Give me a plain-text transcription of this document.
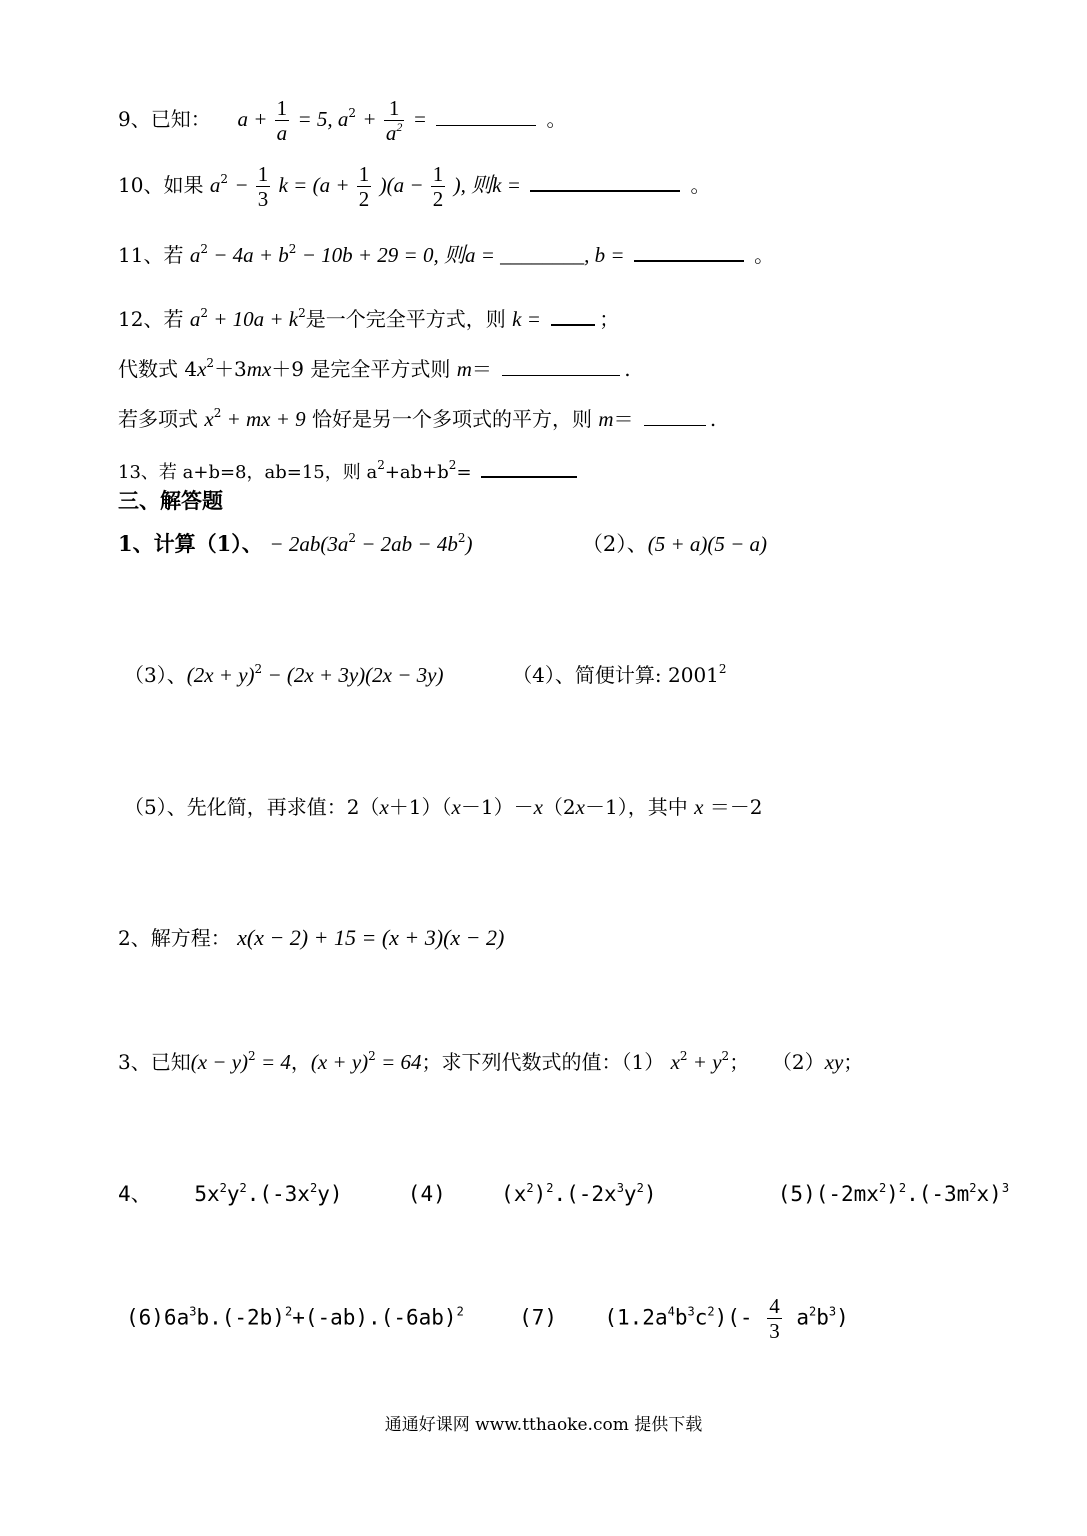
9、已知： $a + \frac{1}{a} = 5$, $a^2 + \frac{1}{a^2}$ =	。
10、如果 $a^2 - \frac{1}{3}$ $k = (a + \frac{1}{2} )(a - \frac{1}{2}$ ), 则k =	。
11、若 $a^2 - 4a + b^2 - 10b + 29 = 0$, 则a = ________, b =	。
12、若 $a^2 + 10a + k^2$是一个完全平方式，则 k =	；
代数式 $4x^2+3mx+9$ 是完全平方式则 m＝	.
若多项式 $x^2$ + mx + 9 恰好是另一个多项式的平方，则 m＝	.
13、若 a+b=8，ab=15，则 $a^2+ab+b^2=$
三、解答题
1、计算（1）、 − $2ab(3a^2 - 2ab - 4b^2)$	（2）、(5 + a)(5 − a)
（3）、$(2x + y)^2 - (2x + 3y)(2x - 3y)$	（4）、简便计算: 2001$^2$
（5）、先化简，再求值：2（x＋1）（x－1）－x（2x－1），其中 x ＝－2
2、解方程： x(x − 2) + 15 = (x + 3)(x − 2)
3、已知$(x - y)^2 = 4$，$(x + y)^2 = 64$；求下列代数式的值：（1） $x^2 + y^2$； （2）xy；
4、 $5x^2y^2.(-3x^2y)$	(4)	$(x^2)^2.(-2x^3y^2)$	$(5)(-2mx^2)^2.(-3m^2x)^3$
$(6)6a^3b.(-2b)^2+(-ab).(-6ab)^2$	(7) $(1.2a^4b^3c^2)(- \frac{4}{3} a^2b^3)$
通通好课网 www.tthaoke.com 提供下载
